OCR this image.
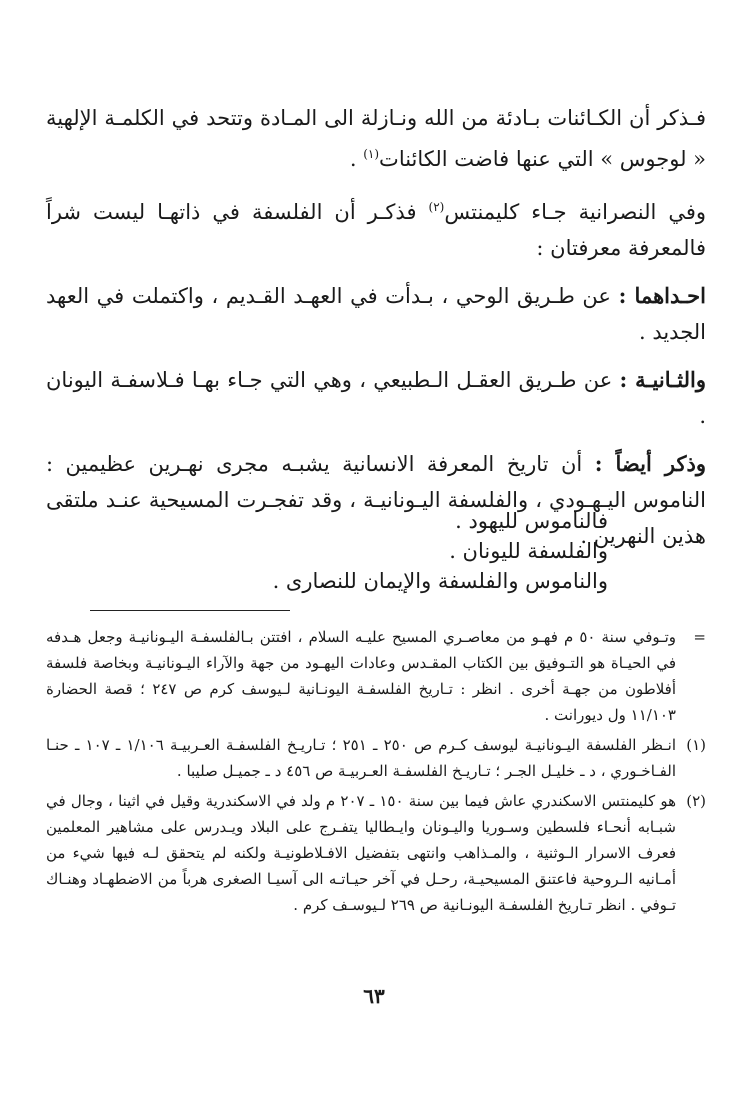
فـذكر أن الكـائنات بـادئة من الله ونـازلة الى المـادة وتتحد في الكلمـة الإلهية « لوجوس » التي عنها فاضت الكائنات$^{(١)}$ .

وفي النصرانية جـاء كليمنتس$^{(٢)}$ فذكـر أن الفلسفة في ذاتهـا ليست شراً فالمعرفة معرفتان :

احـداهما : عن طـريق الوحي ، بـدأت في العهـد القـديم ، واكتملت في العهد الجديد .

والثـانيـة : عن طـريق العقـل الـطبيعي ، وهي التي جـاء بهـا فـلاسفـة اليونان .

وذكر أيضاً : أن تاريخ المعرفة الانسانية يشبـه مجرى نهـرين عظيمين : الناموس اليـهـودي ، والفلسفة اليـونانيـة ، وقد تفجـرت المسيحية عنـد ملتقى هذين النهرين .

فالناموس لليهود .

والفلسفة لليونان .

والناموس والفلسفة والإيمان للنصارى .

=
وتـوفي سنة ٥٠ م فهـو من معاصـري المسيح عليـه السلام ، افتتن بـالفلسفـة اليـونانيـة وجعل هـدفه في الحيـاة هو التـوفيق بين الكتاب المقـدس وعادات اليهـود من جهة والآراء اليـونانيـة وبخاصة فلسفة أفلاطون من جهـة أخرى . انظر : تـاريخ الفلسفـة اليونـانية لـيوسف كرم ص ٢٤٧ ؛ قصة الحضارة ١١/١٠٣ ول ديورانت .
(١)
انـظر الفلسفة اليـونانيـة ليوسف كـرم ص ٢٥٠ ـ ٢٥١ ؛ تـاريـخ الفلسفـة العـربيـة ١/١٠٦ ـ ١٠٧ ـ حنـا الفـاخـوري ، د ـ خليـل الجـر ؛ تـاريـخ الفلسفـة العـربيـة ص ٤٥٦ د ـ جميـل صليبا .
(٢)
هو كليمنتس الاسكندري عاش فيما بين سنة ١٥٠ ـ ٢٠٧ م ولد في الاسكندرية وقيل في اثينا ، وجال في شبـابه أنحـاء فلسطين وسـوريا واليـونان وايـطاليا يتفـرج على البلاد ويـدرس على مشاهير المعلمين فعرف الاسرار الـوثنية ، والمـذاهب وانتهى بتفضيل الافـلاطونيـة ولكنه لم يتحقق لـه فيها شيء من أمـانيه الـروحية فاعتنق المسيحيـة، رحـل في آخر حيـاتـه الى آسيـا الصغرى هرباً من الاضطهـاد وهنـاك تـوفي . انظر تـاريخ الفلسفـة اليونـانية ص ٢٦٩ لـيوسـف كرم .
٦٣
